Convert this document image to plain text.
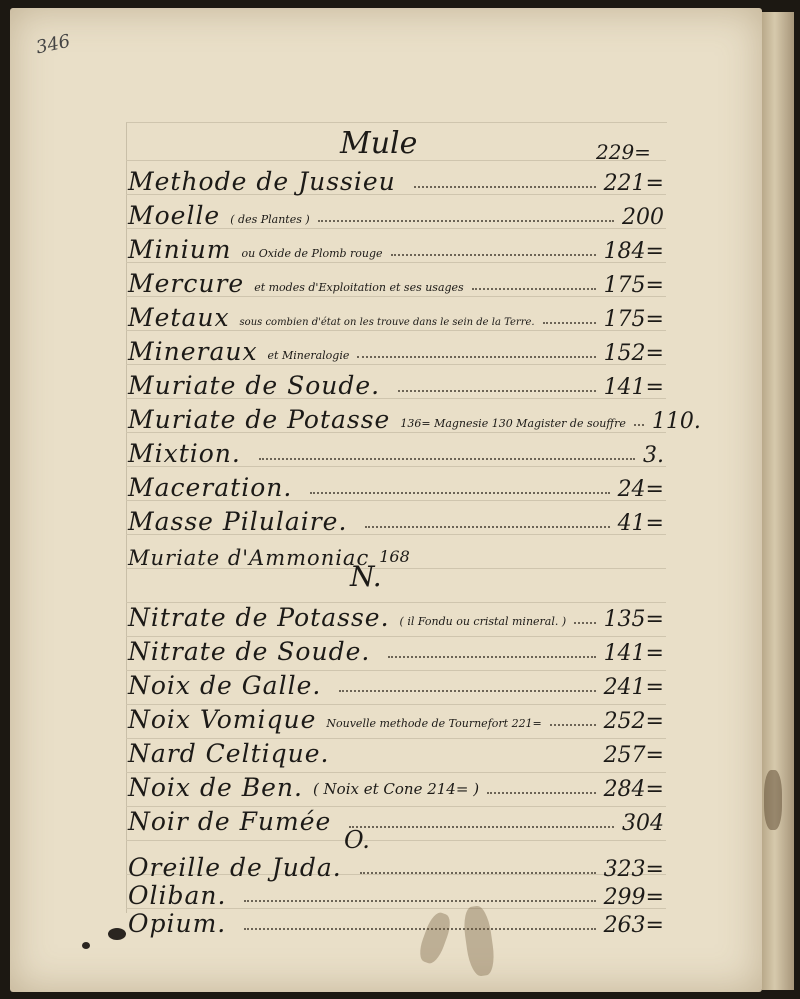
346
Mule	229=
Methode de Jussieu	221=
Moelle ( des Plantes )	200
Minium ou Oxide de Plomb rouge	184=
Mercure et modes d'Exploitation et ses usages	175=
Metaux sous combien d'état on les trouve dans le sein de la Terre.	175=
Mineraux et Mineralogie	152=
Muriate de Soude.	141=
Muriate de Potasse 136= Magnesie 130 Magister de souffre 110.
Mixtion.	3.
Maceration.	24=
Masse Pilulaire.	41=
Muriate d'Ammoniac 168
N.
Nitrate de Potasse. ( il Fondu ou cristal mineral. ) 135=
Nitrate de Soude.	141=
Noix de Galle.	241=
Noix Vomique Nouvelle methode de Tournefort 221=	252=
Nard Celtique.	257=
Noix de Ben. ( Noix et Cone 214= )	284=
Noir de Fumée	304
O.
Oreille de Juda.	323=
Oliban.	299=
Opium.	263=
